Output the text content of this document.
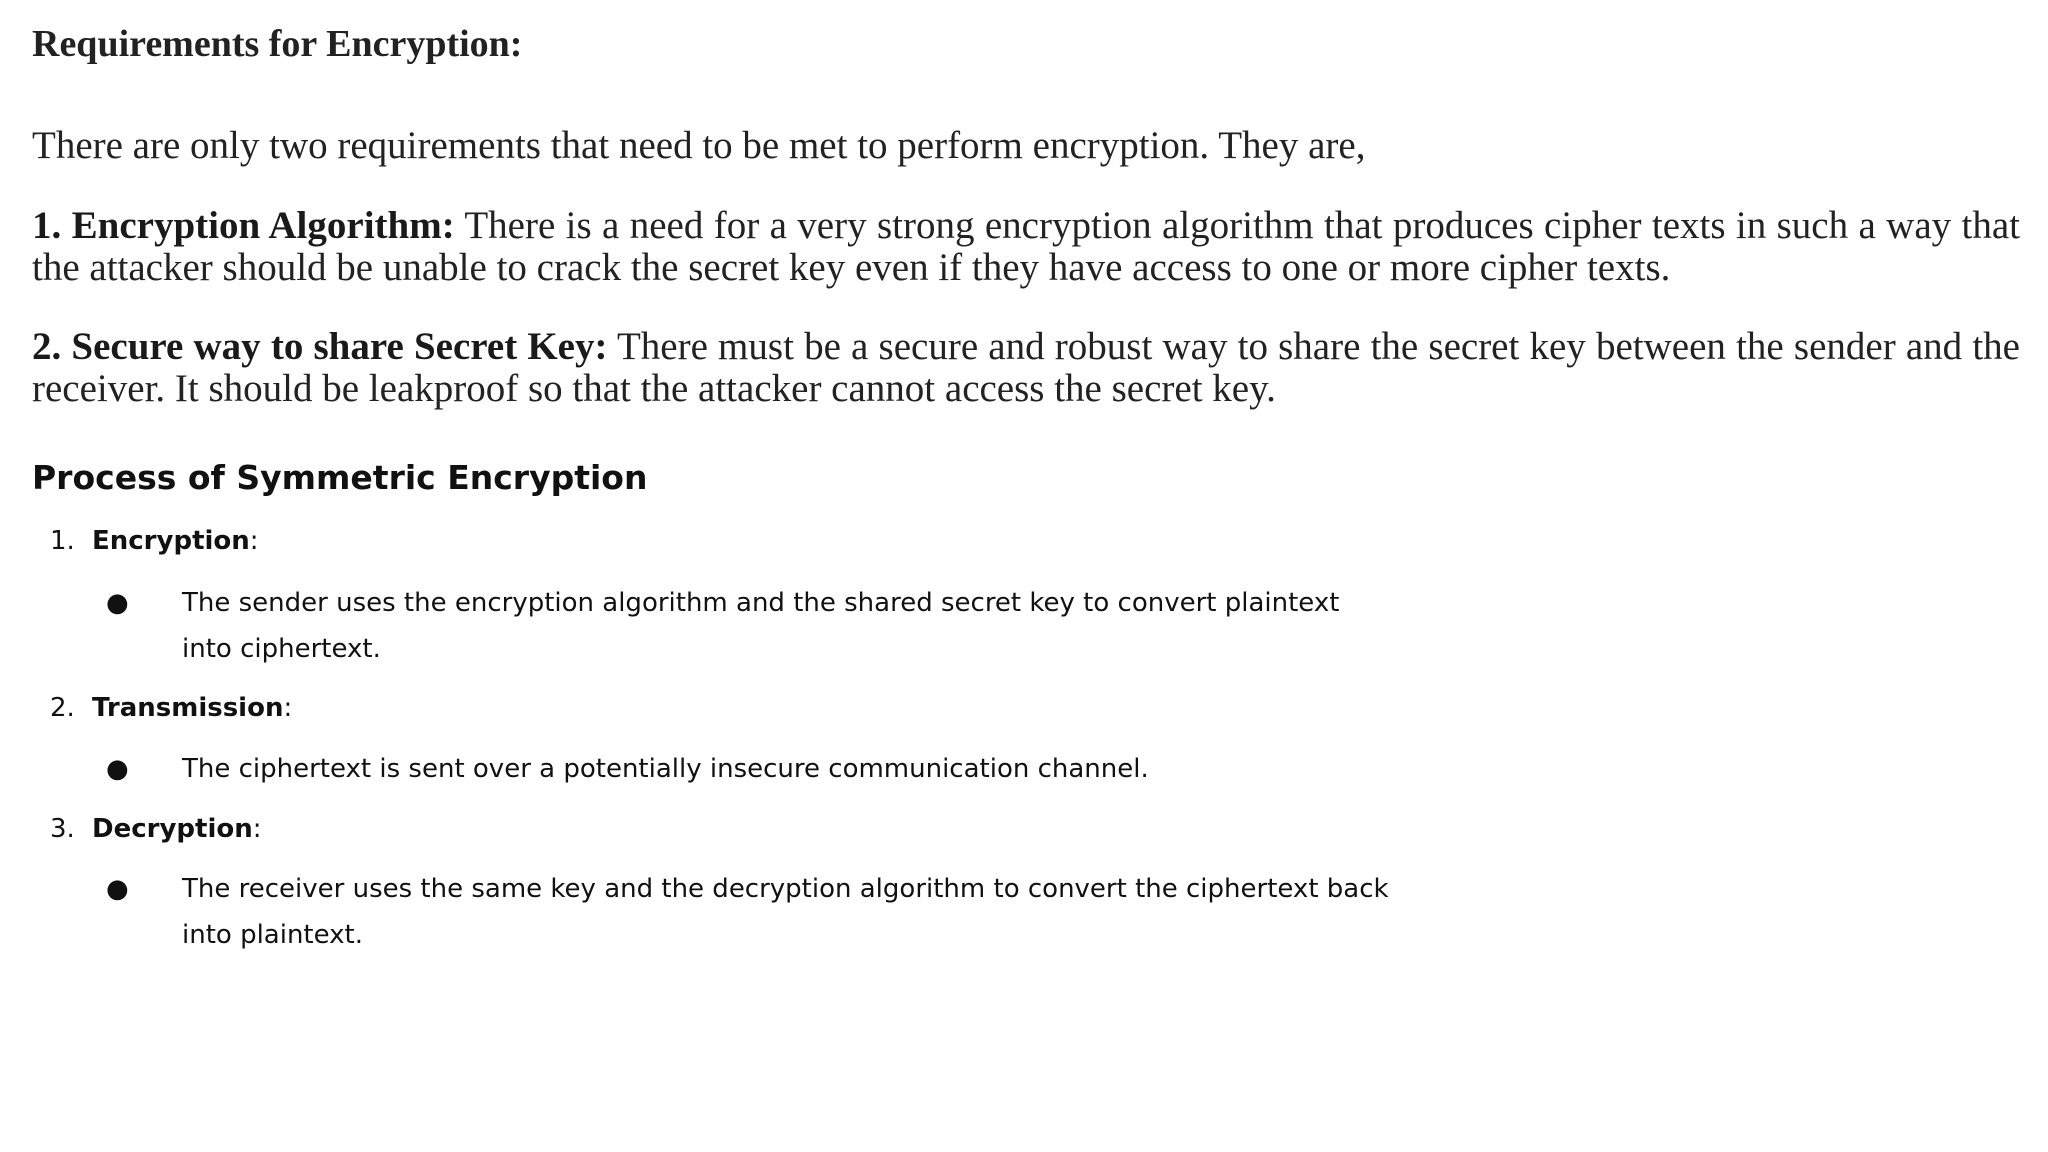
Requirements for Encryption:

There are only two requirements that need to be met to perform encryption. They are,

1. Encryption Algorithm: There is a need for a very strong encryption algorithm that produces cipher texts in such a way that the attacker should be unable to crack the secret key even if they have access to one or more cipher texts.

2. Secure way to share Secret Key: There must be a secure and robust way to share the secret key between the sender and the receiver. It should be leakproof so that the attacker cannot access the secret key.

Process of Symmetric Encryption
1. Encryption:
● The sender uses the encryption algorithm and the shared secret key to convert plaintext
into ciphertext.
2. Transmission:
● The ciphertext is sent over a potentially insecure communication channel.
3. Decryption:
● The receiver uses the same key and the decryption algorithm to convert the ciphertext back
into plaintext.
